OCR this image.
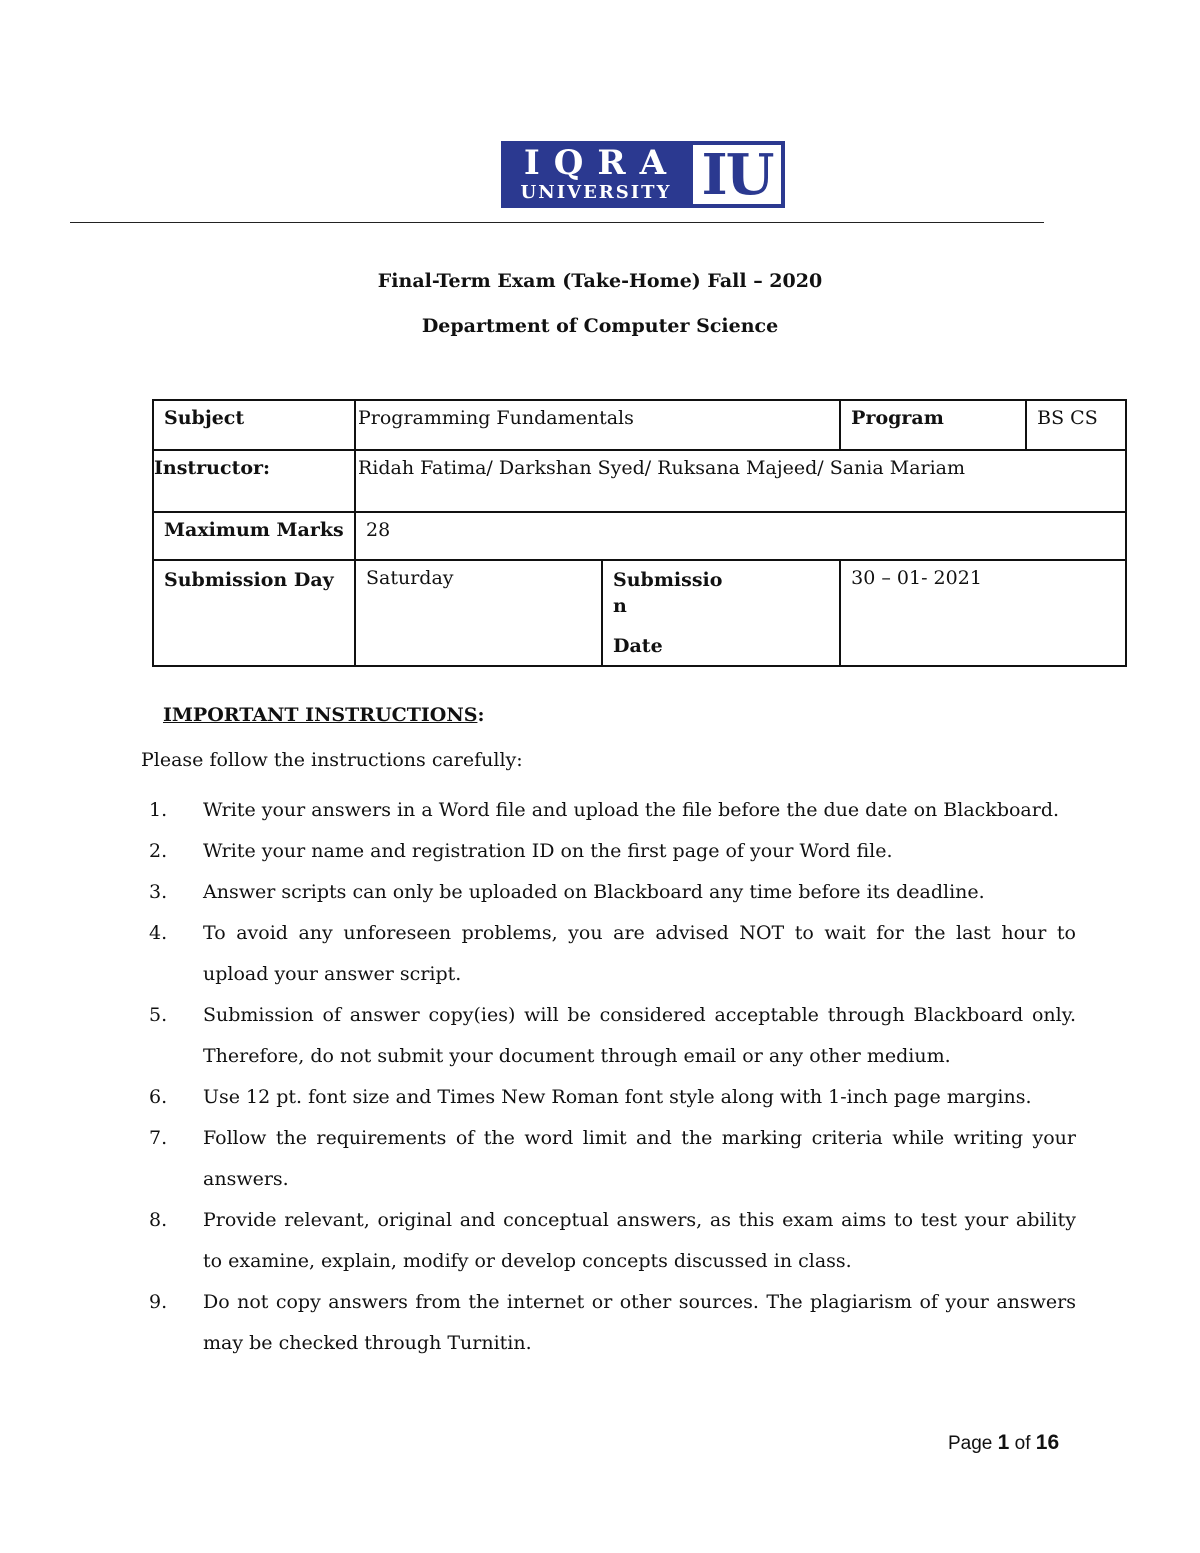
IQRA
UNIVERSITY IU
Final-Term Exam (Take-Home) Fall – 2020
Department of Computer Science
Subject	Programming Fundamentals		Program	BS CS
Instructor:	Ridah Fatima/ Darkshan Syed/ Ruksana Majeed/ Sania Mariam			
Maximum Marks	28			
Submission Day	Saturday	Submissio
n
Date	30 – 01- 2021	
IMPORTANT INSTRUCTIONS:
Please follow the instructions carefully:
1. Write your answers in a Word file and upload the file before the due date on Blackboard.
2. Write your name and registration ID on the first page of your Word file.
3. Answer scripts can only be uploaded on Blackboard any time before its deadline.
4. To avoid any unforeseen problems, you are advised NOT to wait for the last hour to upload your answer script.
5. Submission of answer copy(ies) will be considered acceptable through Blackboard only. Therefore, do not submit your document through email or any other medium.
6. Use 12 pt. font size and Times New Roman font style along with 1-inch page margins.
7. Follow the requirements of the word limit and the marking criteria while writing your answers.
8. Provide relevant, original and conceptual answers, as this exam aims to test your ability to examine, explain, modify or develop concepts discussed in class.
9. Do not copy answers from the internet or other sources. The plagiarism of your answers may be checked through Turnitin.
Page 1 of 16
